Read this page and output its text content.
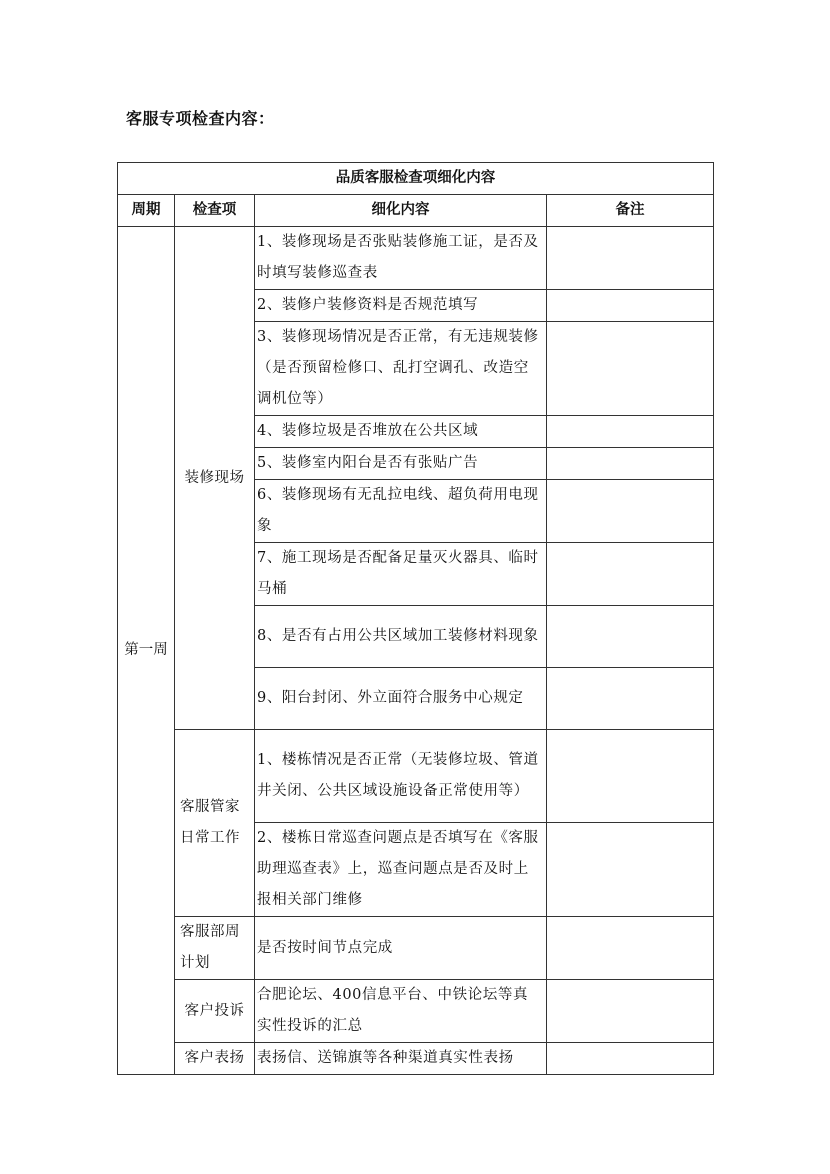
客服专项检查内容：
品质客服检查项细化内容			
周期	检查项	细化内容	备注
第一周	装修现场	1、装修现场是否张贴装修施工证，是否及时填写装修巡查表	
		2、装修户装修资料是否规范填写	
		3、装修现场情况是否正常，有无违规装修（是否预留检修口、乱打空调孔、改造空调机位等）	
		4、装修垃圾是否堆放在公共区域	
		5、装修室内阳台是否有张贴广告	
		6、装修现场有无乱拉电线、超负荷用电现象	
		7、施工现场是否配备足量灭火器具、临时马桶	
		8、是否有占用公共区域加工装修材料现象	
		9、阳台封闭、外立面符合服务中心规定	
	客服管家日常工作	1、楼栋情况是否正常（无装修垃圾、管道井关闭、公共区域设施设备正常使用等）	
		2、楼栋日常巡查问题点是否填写在《客服助理巡查表》上，巡查问题点是否及时上报相关部门维修	
	客服部周计划	是否按时间节点完成	
	客户投诉	合肥论坛、400信息平台、中铁论坛等真实性投诉的汇总	
	客户表扬	表扬信、送锦旗等各种渠道真实性表扬	
